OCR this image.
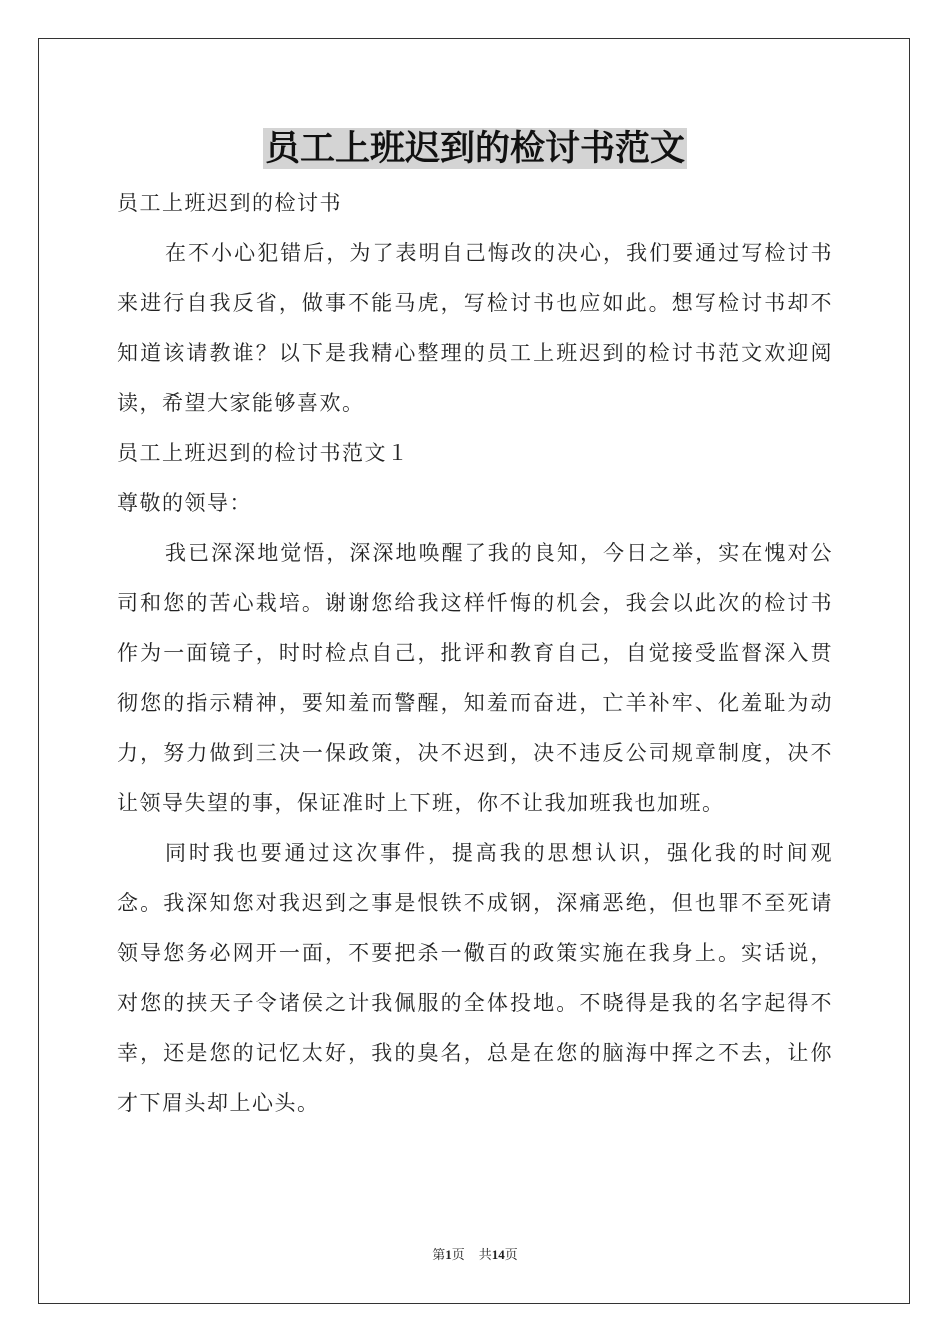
员工上班迟到的检讨书范文

员工上班迟到的检讨书

在不小心犯错后，为了表明自己悔改的决心，我们要通过写检讨书来进行自我反省，做事不能马虎，写检讨书也应如此。想写检讨书却不知道该请教谁？以下是我精心整理的员工上班迟到的检讨书范文欢迎阅读，希望大家能够喜欢。

员工上班迟到的检讨书范文１

尊敬的领导：

我已深深地觉悟，深深地唤醒了我的良知，今日之举，实在愧对公司和您的苦心栽培。谢谢您给我这样忏悔的机会，我会以此次的检讨书作为一面镜子，时时检点自己，批评和教育自己，自觉接受监督深入贯彻您的指示精神，要知羞而警醒，知羞而奋进，亡羊补牢、化羞耻为动力，努力做到三决一保政策，决不迟到，决不违反公司规章制度，决不让领导失望的事，保证准时上下班，你不让我加班我也加班。

同时我也要通过这次事件，提高我的思想认识，强化我的时间观念。我深知您对我迟到之事是恨铁不成钢，深痛恶绝，但也罪不至死请领导您务必网开一面，不要把杀一儆百的政策实施在我身上。实话说，对您的挟天子令诸侯之计我佩服的全体投地。不晓得是我的名字起得不幸，还是您的记忆太好，我的臭名，总是在您的脑海中挥之不去，让你才下眉头却上心头。

第1页 共14页
